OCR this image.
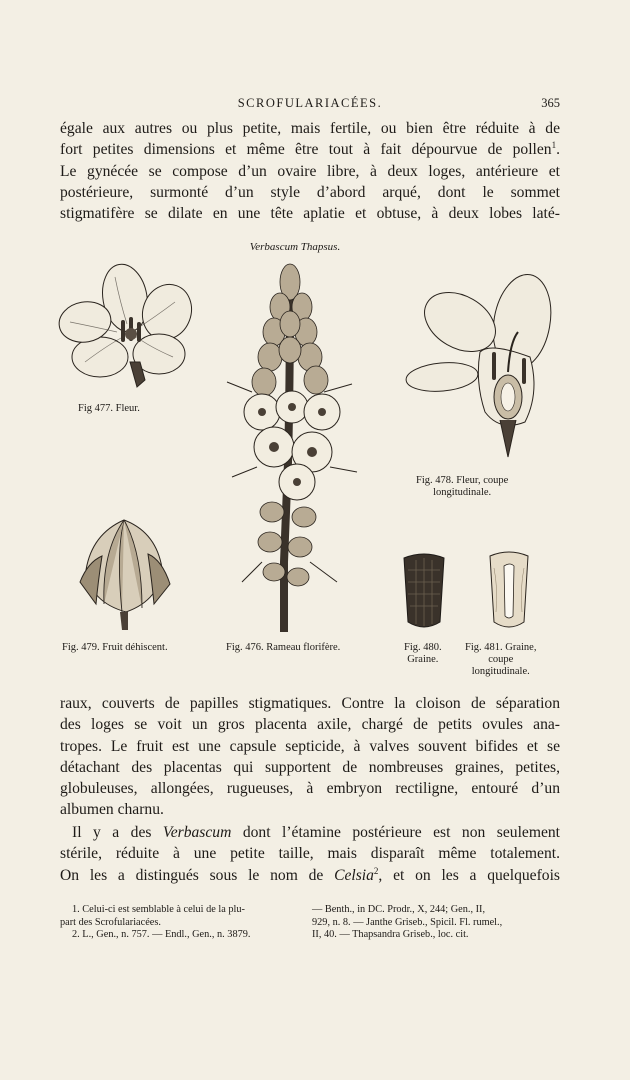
SCROFULARIACÉES.	365
égale aux autres ou plus petite, mais fertile, ou bien être réduite à de
fort petites dimensions et même être tout à fait dépourvue de pollen$^1$.
Le gynécée se compose d’un ovaire libre, à deux loges, antérieure et
postérieure, surmonté d’un style d’abord arqué, dont le sommet
stigmatifère se dilate en une tête aplatie et obtuse, à deux lobes laté-
Verbascum Thapsus.
Fig 477. Fleur.
Fig. 478. Fleur, coupe
longitudinale.
Fig. 479. Fruit déhiscent.	Fig. 476. Rameau florifère.	Fig. 480.
Graine.
Fig. 481. Graine,
coupe
longitudinale.
raux, couverts de papilles stigmatiques. Contre la cloison de séparation
des loges se voit un gros placenta axile, chargé de petits ovules ana-
tropes. Le fruit est une capsule septicide, à valves souvent bifides et se
détachant des placentas qui supportent de nombreuses graines, petites,
globuleuses, allongées, rugueuses, à embryon rectiligne, entouré d’un
albumen charnu.
Il y a des Verbascum dont l’étamine postérieure est non seulement
stérile, réduite à une petite taille, mais disparaît même totalement.
On les a distingués sous le nom de Celsia$^2$, et on les a quelquefois
1. Celui-ci est semblable à celui de la plu-
part des Scrofulariacées.
2. L., Gen., n. 757. — Endl., Gen., n. 3879.
— Benth., in DC. Prodr., X, 244; Gen., II,
929, n. 8. — Janthe Griseb., Spicil. Fl. rumel.,
II, 40. — Thapsandra Griseb., loc. cit.
